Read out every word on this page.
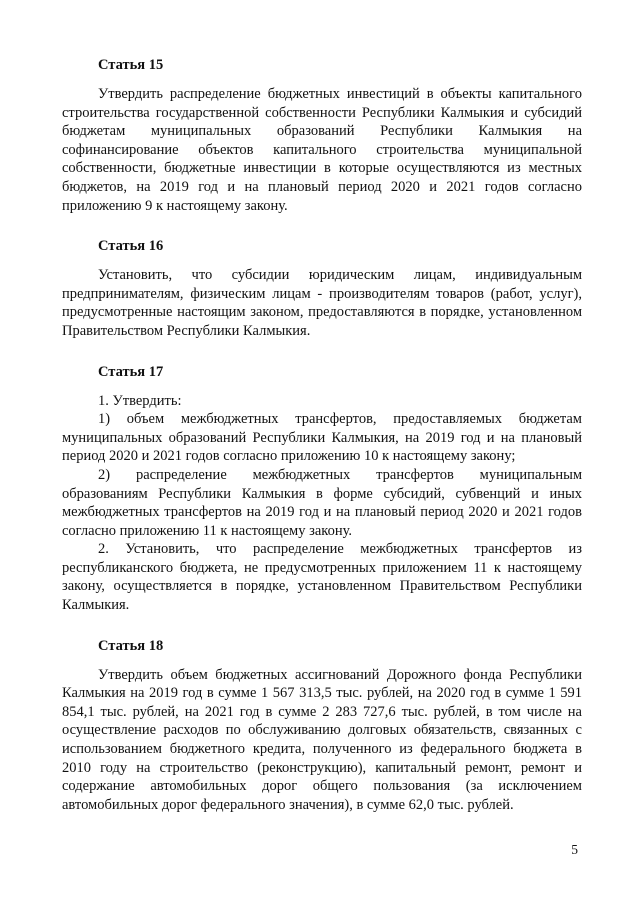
Статья 15

Утвердить распределение бюджетных инвестиций в объекты капитального строительства государственной собственности Республики Калмыкия и субсидий бюджетам муниципальных образований Республики Калмыкия на софинансирование объектов капитального строительства муниципальной собственности, бюджетные инвестиции в которые осуществляются из местных бюджетов, на 2019 год и на плановый период 2020 и 2021 годов согласно приложению 9 к настоящему закону.

Статья 16

Установить, что субсидии юридическим лицам, индивидуальным предпринимателям, физическим лицам - производителям товаров (работ, услуг), предусмотренные настоящим законом, предоставляются в порядке, установленном Правительством Республики Калмыкия.

Статья 17

1. Утвердить:

1) объем межбюджетных трансфертов, предоставляемых бюджетам муниципальных образований Республики Калмыкия, на 2019 год и на плановый период 2020 и 2021 годов согласно приложению 10 к настоящему закону;

2) распределение межбюджетных трансфертов муниципальным образованиям Республики Калмыкия в форме субсидий, субвенций и иных межбюджетных трансфертов на 2019 год и на плановый период 2020 и 2021 годов согласно приложению 11 к настоящему закону.

2. Установить, что распределение межбюджетных трансфертов из республиканского бюджета, не предусмотренных приложением 11 к настоящему закону, осуществляется в порядке, установленном Правительством Республики Калмыкия.

Статья 18

Утвердить объем бюджетных ассигнований Дорожного фонда Республики Калмыкия на 2019 год в сумме 1 567 313,5 тыс. рублей, на 2020 год в сумме 1 591 854,1 тыс. рублей, на 2021 год в сумме 2 283 727,6 тыс. рублей, в том числе на осуществление расходов по обслуживанию долговых обязательств, связанных с использованием бюджетного кредита, полученного из федерального бюджета в 2010 году на строительство (реконструкцию), капитальный ремонт, ремонт и содержание автомобильных дорог общего пользования (за исключением автомобильных дорог федерального значения), в сумме 62,0 тыс. рублей.

5
